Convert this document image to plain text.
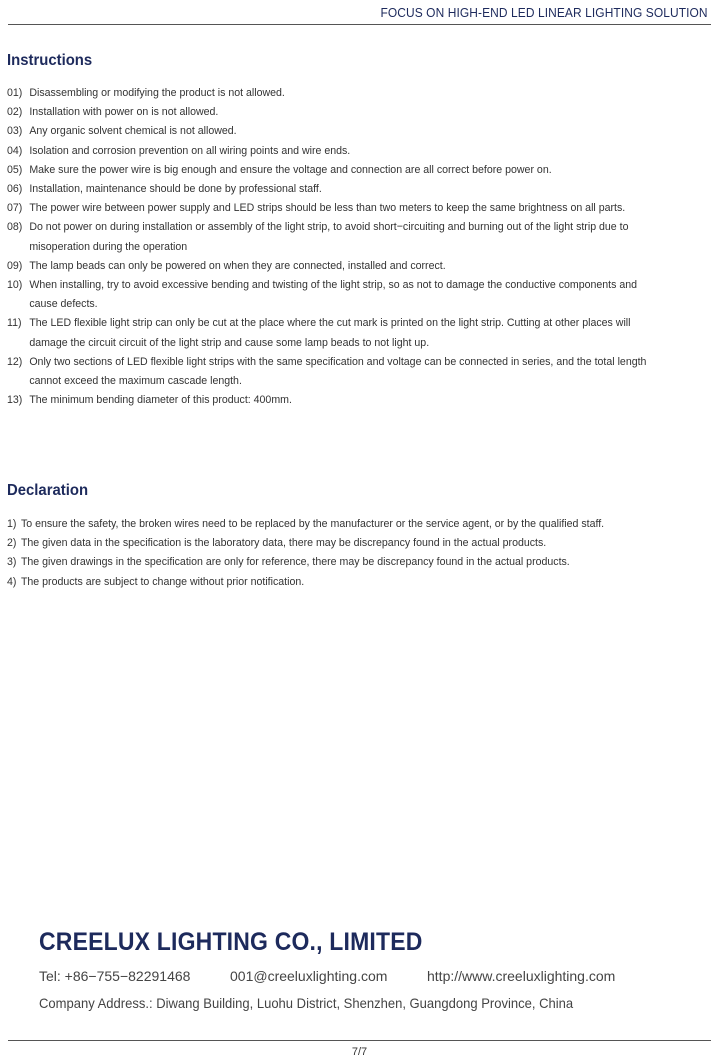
FOCUS ON HIGH-END LED LINEAR LIGHTING SOLUTION
Instructions
01) Disassembling or modifying the product is not allowed.
02) Installation with power on is not allowed.
03) Any organic solvent chemical is not allowed.
04) Isolation and corrosion prevention on all wiring points and wire ends.
05) Make sure the power wire is big enough and ensure the voltage and connection are all correct before power on.
06) Installation, maintenance should be done by professional staff.
07) The power wire between power supply and LED strips should be less than two meters to keep the same brightness on all parts.
08) Do not power on during installation or assembly of the light strip, to avoid short−circuiting and burning out of the light strip due to
misoperation during the operation
09) The lamp beads can only be powered on when they are connected, installed and correct.
10) When installing, try to avoid excessive bending and twisting of the light strip, so as not to damage the conductive components and
cause defects.
11) The LED flexible light strip can only be cut at the place where the cut mark is printed on the light strip. Cutting at other places will
damage the circuit circuit of the light strip and cause some lamp beads to not light up.
12) Only two sections of LED flexible light strips with the same specification and voltage can be connected in series, and the total length
cannot exceed the maximum cascade length.
13) The minimum bending diameter of this product: 400mm.
Declaration
1) To ensure the safety, the broken wires need to be replaced by the manufacturer or the service agent, or by the qualified staff.
2) The given data in the specification is the laboratory data, there may be discrepancy found in the actual products.
3) The given drawings in the specification are only for reference, there may be discrepancy found in the actual products.
4) The products are subject to change without prior notification.
CREELUX LIGHTING CO., LIMITED
Tel: +86−755−82291468	001@creeluxlighting.com	http://www.creeluxlighting.com
Company Address.: Diwang Building, Luohu District, Shenzhen, Guangdong Province, China
7/7
